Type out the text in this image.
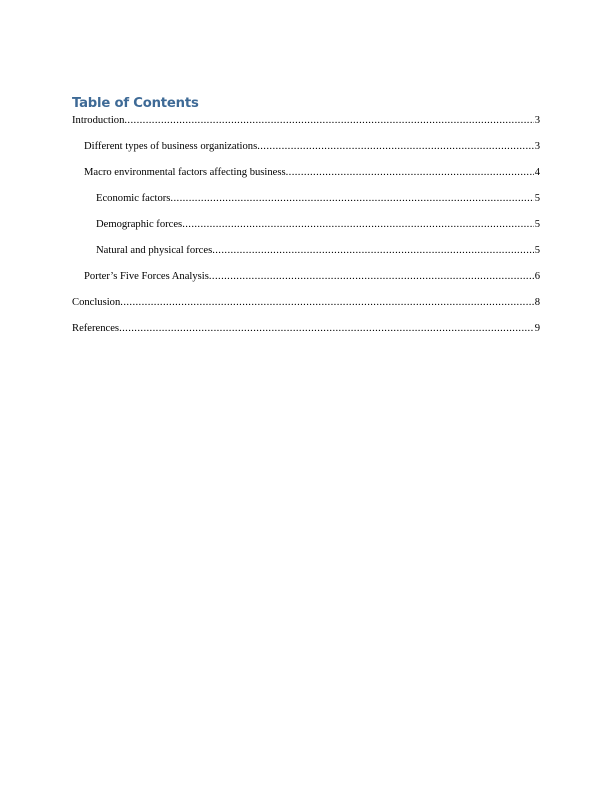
Table of Contents
Introduction .....	3
Different types of business organizations .....	3
Macro environmental factors affecting business .....	4
Economic factors .....	5
Demographic forces .....	5
Natural and physical forces .....	5
Porter’s Five Forces Analysis .....	6
Conclusion .....	8
References .....	9
